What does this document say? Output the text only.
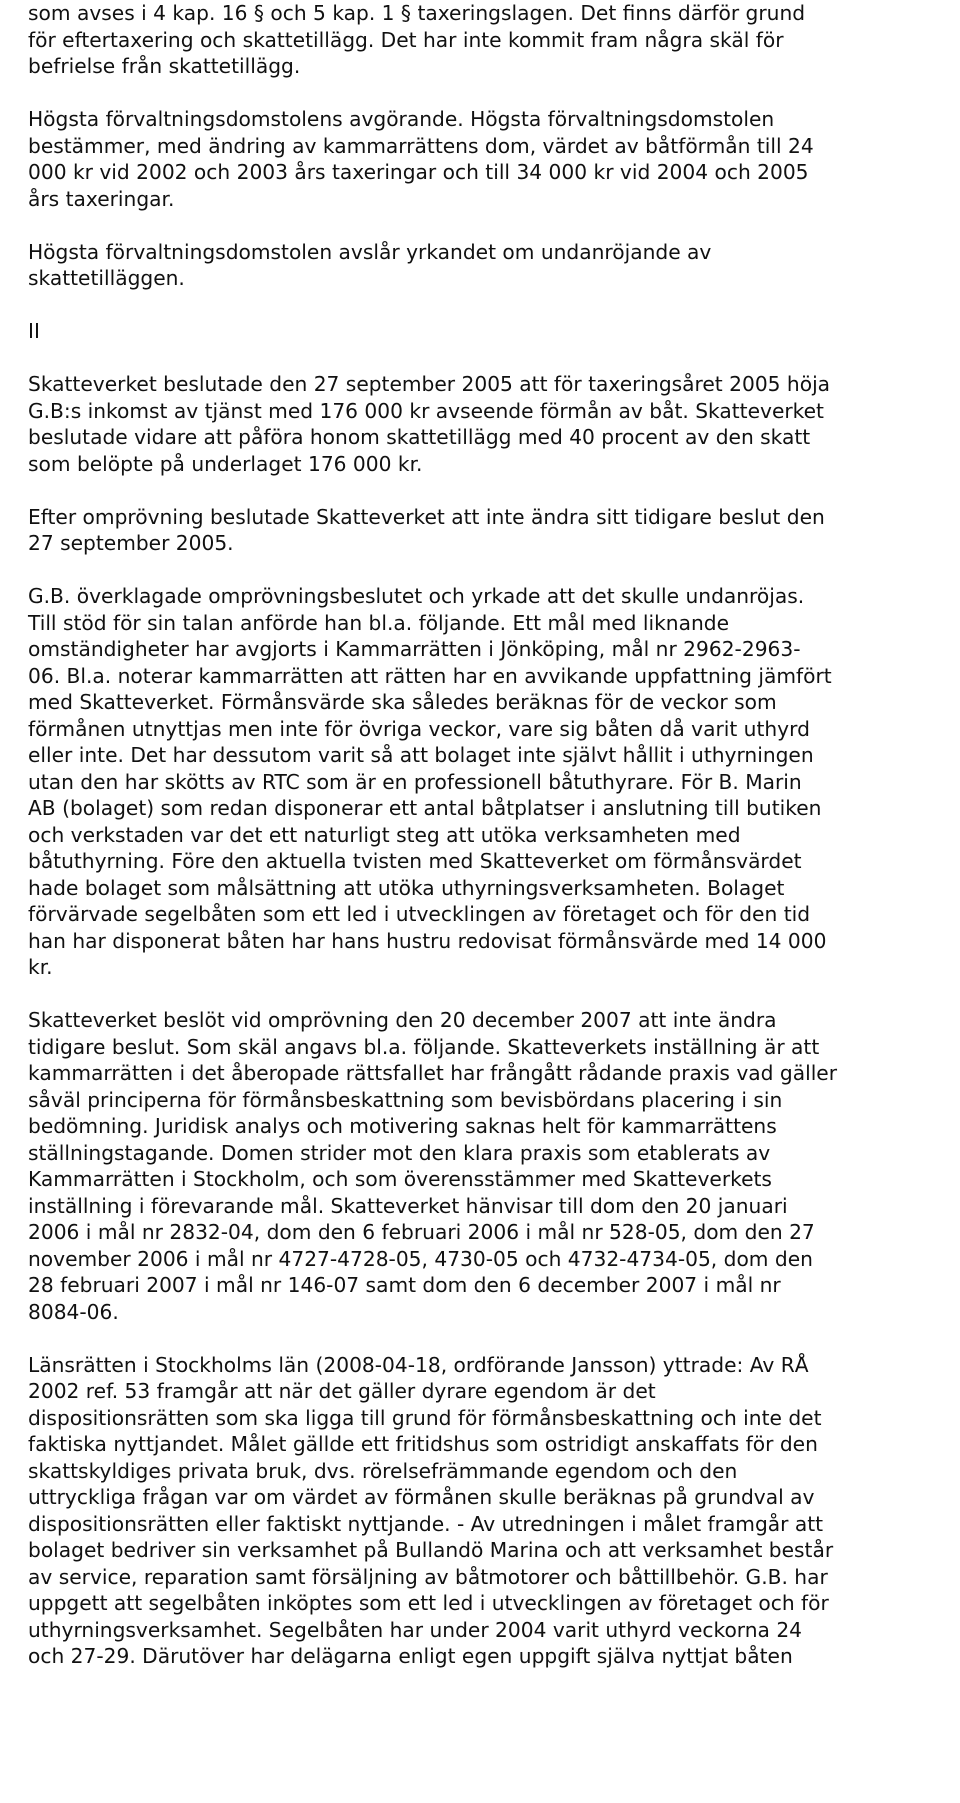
som avses i 4 kap. 16 § och 5 kap. 1 § taxeringslagen. Det finns därför grund
för eftertaxering och skattetillägg. Det har inte kommit fram några skäl för
befrielse från skattetillägg.

Högsta förvaltningsdomstolens avgörande. Högsta förvaltningsdomstolen
bestämmer, med ändring av kammarrättens dom, värdet av båtförmån till 24
000 kr vid 2002 och 2003 års taxeringar och till 34 000 kr vid 2004 och 2005
års taxeringar.

Högsta förvaltningsdomstolen avslår yrkandet om undanröjande av
skattetilläggen.

II

Skatteverket beslutade den 27 september 2005 att för taxeringsåret 2005 höja
G.B:s inkomst av tjänst med 176 000 kr avseende förmån av båt. Skatteverket
beslutade vidare att påföra honom skattetillägg med 40 procent av den skatt
som belöpte på underlaget 176 000 kr.

Efter omprövning beslutade Skatteverket att inte ändra sitt tidigare beslut den
27 september 2005.

G.B. överklagade omprövningsbeslutet och yrkade att det skulle undanröjas.
Till stöd för sin talan anförde han bl.a. följande. Ett mål med liknande
omständigheter har avgjorts i Kammarrätten i Jönköping, mål nr 2962-2963-
06. Bl.a. noterar kammarrätten att rätten har en avvikande uppfattning jämfört
med Skatteverket. Förmånsvärde ska således beräknas för de veckor som
förmånen utnyttjas men inte för övriga veckor, vare sig båten då varit uthyrd
eller inte. Det har dessutom varit så att bolaget inte självt hållit i uthyrningen
utan den har skötts av RTC som är en professionell båtuthyrare. För B. Marin
AB (bolaget) som redan disponerar ett antal båtplatser i anslutning till butiken
och verkstaden var det ett naturligt steg att utöka verksamheten med
båtuthyrning. Före den aktuella tvisten med Skatteverket om förmånsvärdet
hade bolaget som målsättning att utöka uthyrningsverksamheten. Bolaget
förvärvade segelbåten som ett led i utvecklingen av företaget och för den tid
han har disponerat båten har hans hustru redovisat förmånsvärde med 14 000
kr.

Skatteverket beslöt vid omprövning den 20 december 2007 att inte ändra
tidigare beslut. Som skäl angavs bl.a. följande. Skatteverkets inställning är att
kammarrätten i det åberopade rättsfallet har frångått rådande praxis vad gäller
såväl principerna för förmånsbeskattning som bevisbördans placering i sin
bedömning. Juridisk analys och motivering saknas helt för kammarrättens
ställningstagande. Domen strider mot den klara praxis som etablerats av
Kammarrätten i Stockholm, och som överensstämmer med Skatteverkets
inställning i förevarande mål. Skatteverket hänvisar till dom den 20 januari
2006 i mål nr 2832-04, dom den 6 februari 2006 i mål nr 528-05, dom den 27
november 2006 i mål nr 4727-4728-05, 4730-05 och 4732-4734-05, dom den
28 februari 2007 i mål nr 146-07 samt dom den 6 december 2007 i mål nr
8084-06.

Länsrätten i Stockholms län (2008-04-18, ordförande Jansson) yttrade: Av RÅ
2002 ref. 53 framgår att när det gäller dyrare egendom är det
dispositionsrätten som ska ligga till grund för förmånsbeskattning och inte det
faktiska nyttjandet. Målet gällde ett fritidshus som ostridigt anskaffats för den
skattskyldiges privata bruk, dvs. rörelsefrämmande egendom och den
uttryckliga frågan var om värdet av förmånen skulle beräknas på grundval av
dispositionsrätten eller faktiskt nyttjande. - Av utredningen i målet framgår att
bolaget bedriver sin verksamhet på Bullandö Marina och att verksamhet består
av service, reparation samt försäljning av båtmotorer och båttillbehör. G.B. har
uppgett att segelbåten inköptes som ett led i utvecklingen av företaget och för
uthyrningsverksamhet. Segelbåten har under 2004 varit uthyrd veckorna 24
och 27-29. Därutöver har delägarna enligt egen uppgift själva nyttjat båten
